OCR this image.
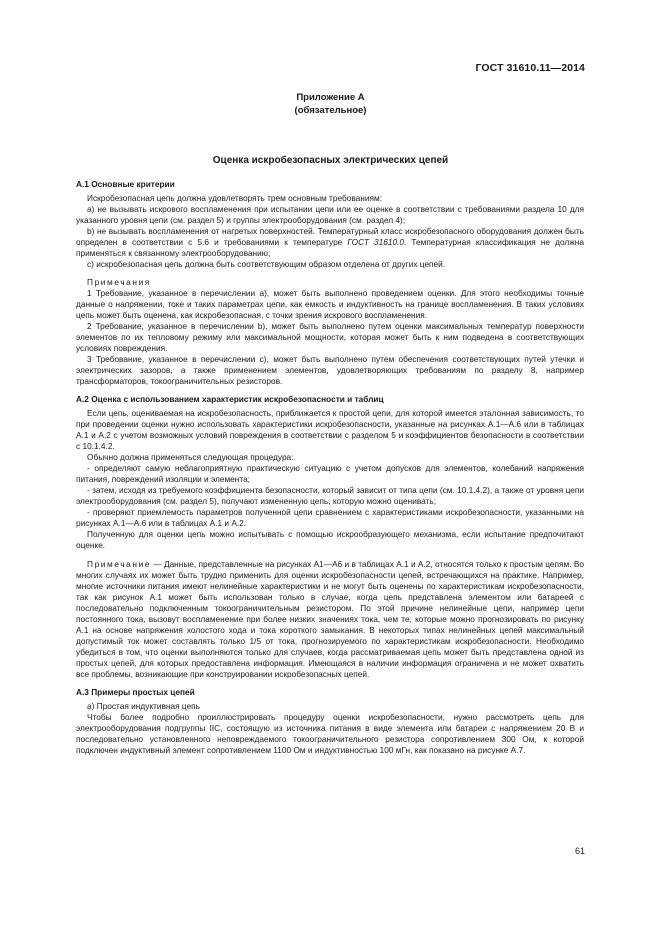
ГОСТ 31610.11—2014
Приложение А
(обязательное)
Оценка искробезопасных электрических цепей
А.1 Основные критерии

Искробезопасная цепь должна удовлетворять трем основным требованиям:

а) не вызывать искрового воспламенения при испытании цепи или ее оценке в соответствии с требованиями раздела 10 для указанного уровня цепи (см. раздел 5) и группы электрооборудования (см. раздел 4);

b) не вызывать воспламенения от нагретых поверхностей. Температурный класс искробезопасного оборудования должен быть определен в соответствии с 5.6 и требованиями к температуре ГОСТ 31610.0. Температурная классификация не должна применяться к связанному электрооборудованию;

с) искробезопасная цепь должна быть соответствующим образом отделена от других цепей.

Примечания

1 Требование, указанное в перечислении а), может быть выполнено проведением оценки. Для этого необходимы точные данные о напряжении, токе и таких параметрах цепи, как емкость и индуктивность на границе воспламенения. В таких условиях цепь может быть оценена, как искробезопасная, с точки зрения искрового воспламенения.

2 Требование, указанное в перечислении b), может быть выполнено путем оценки максимальных температур поверхности элементов по их тепловому режиму или максимальной мощности, которая может быть к ним подведена в соответствующих условиях повреждения.

3 Требование, указанное в перечислении с), может быть выполнено путем обеспечения соответствующих путей утечки и электрических зазоров, а также применением элементов, удовлетворяющих требованиям по разделу 8, например трансформаторов, токоограничительных резисторов.

А.2 Оценка с использованием характеристик искробезопасности и таблиц

Если цепь, оцениваемая на искробезопасность, приближается к простой цепи, для которой имеется эталонная зависимость, то при проведении оценки нужно использовать характеристики искробезопасности, указанные на рисунках А.1—А.6 или в таблицах А.1 и А.2 с учетом возможных условий повреждения в соответствии с разделом 5 и коэффициентов безопасности в соответствии с 10.1.4.2.

Обычно должна применяться следующая процедура:

- определяют самую неблагоприятную практическую ситуацию с учетом допусков для элементов, колебаний напряжения питания, повреждений изоляции и элемента;

- затем, исходя из требуемого коэффициента безопасности, который зависит от типа цепи (см. 10.1.4.2), а также от уровня цепи электрооборудования (см. раздел 5), получают измененную цепь, которую можно оценивать;

- проверяют приемлемость параметров полученной цепи сравнением с характеристиками искробезопасности, указанными на рисунках А.1—А.6 или в таблицах А.1 и А.2.

Полученную для оценки цепь можно испытывать с помощью искрообразующего механизма, если испытание предпочитают оценке.

Примечание — Данные, представленные на рисунках А1—А6 и в таблицах А.1 и А.2, относятся только к простым цепям. Во многих случаях их может быть трудно применить для оценки искробезопасности цепей, встречающихся на практике. Например, многие источники питания имеют нелинейные характеристики и не могут быть оценены по характеристикам искробезопасности, так как рисунок А.1 может быть использован только в случае, когда цепь представлена элементом или батареей с последовательно подключенным токоограничительным резистором. По этой причине нелинейные цепи, например цепи постоянного тока, вызовут воспламенение при более низких значениях тока, чем те, которые можно прогнозировать по рисунку А.1 на основе напряжения холостого хода и тока короткого замыкания. В некоторых типах нелинейных цепей максимальный допустимый ток может составлять только 1/5 от тока, прогнозируемого по характеристикам искробезопасности. Необходимо убедиться в том, что оценки выполняются только для случаев, когда рассматриваемая цепь может быть представлена одной из простых цепей, для которых предоставлена информация. Имеющаяся в наличии информация ограничена и не может охватить все проблемы, возникающие при конструировании искробезопасных цепей.

А.3 Примеры простых цепей

а) Простая индуктивная цепь

Чтобы более подробно проиллюстрировать процедуру оценки искробезопасности, нужно рассмотреть цепь для электрооборудования подгруппы IIC, состоящую из источника питания в виде элемента или батареи с напряжением 20 В и последовательно установленного неповреждаемого токоограничительного резистора сопротивлением 300 Ом, к которой подключен индуктивный элемент сопротивлением 1100 Ом и индуктивностью 100 мГн, как показано на рисунке А.7.

61
